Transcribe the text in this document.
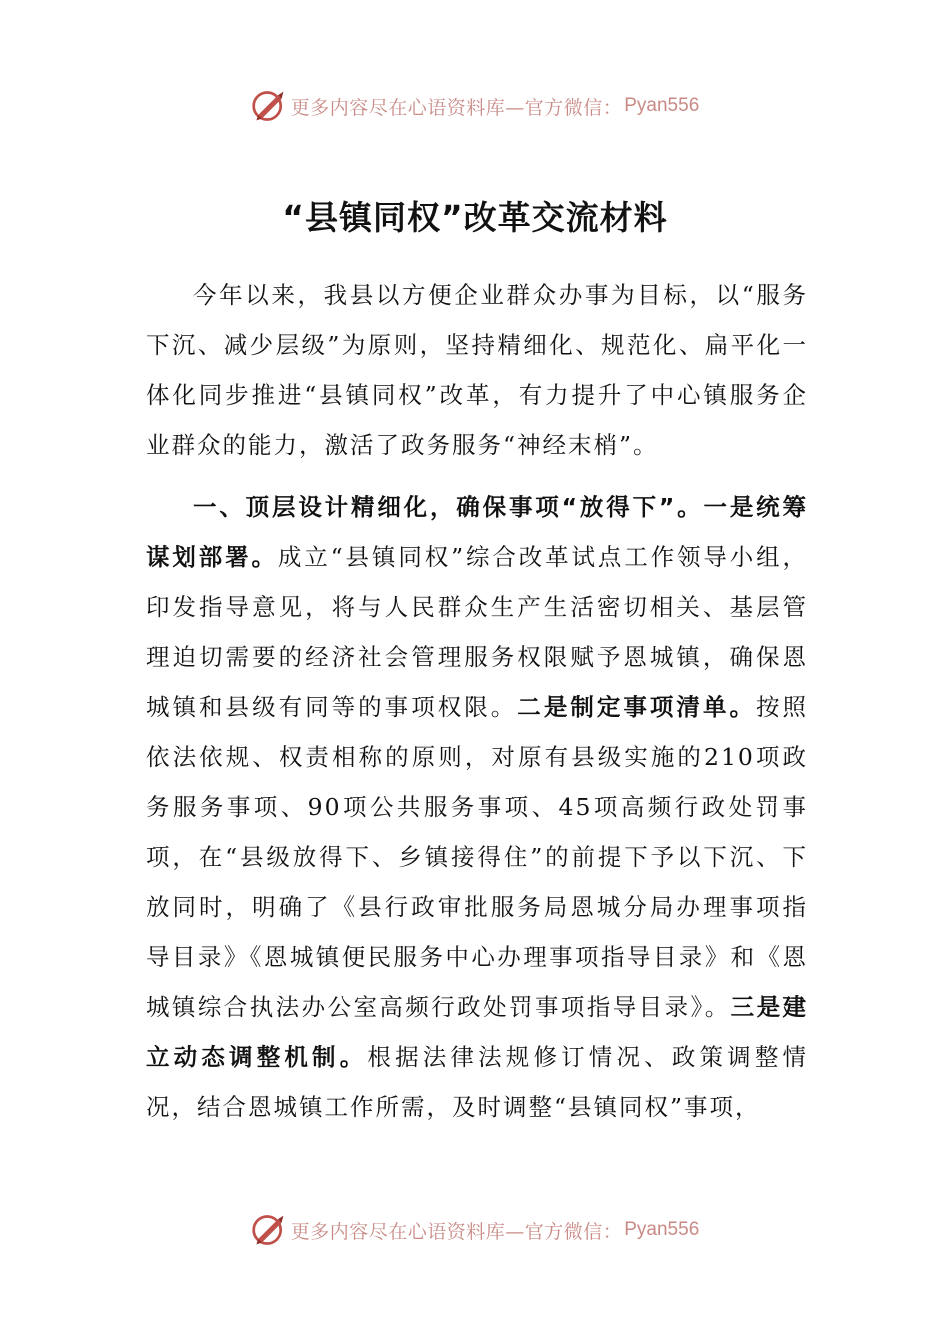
更多内容尽在心语资料库—官方微信： Pyan556
“县镇同权”改革交流材料

今年以来，我县以方便企业群众办事为目标，以“服务下沉、减少层级”为原则，坚持精细化、规范化、扁平化一体化同步推进“县镇同权”改革，有力提升了中心镇服务企业群众的能力，激活了政务服务“神经末梢”。

一、顶层设计精细化，确保事项“放得下”。一是统筹谋划部署。成立“县镇同权”综合改革试点工作领导小组，印发指导意见，将与人民群众生产生活密切相关、基层管理迫切需要的经济社会管理服务权限赋予恩城镇，确保恩城镇和县级有同等的事项权限。二是制定事项清单。按照依法依规、权责相称的原则，对原有县级实施的210项政务服务事项、90项公共服务事项、45项高频行政处罚事项，在“县级放得下、乡镇接得住”的前提下予以下沉、下放同时，明确了《县行政审批服务局恩城分局办理事项指导目录》《恩城镇便民服务中心办理事项指导目录》和《恩城镇综合执法办公室高频行政处罚事项指导目录》。三是建立动态调整机制。根据法律法规修订情况、政策调整情况，结合恩城镇工作所需，及时调整“县镇同权”事项，

更多内容尽在心语资料库—官方微信： Pyan556
